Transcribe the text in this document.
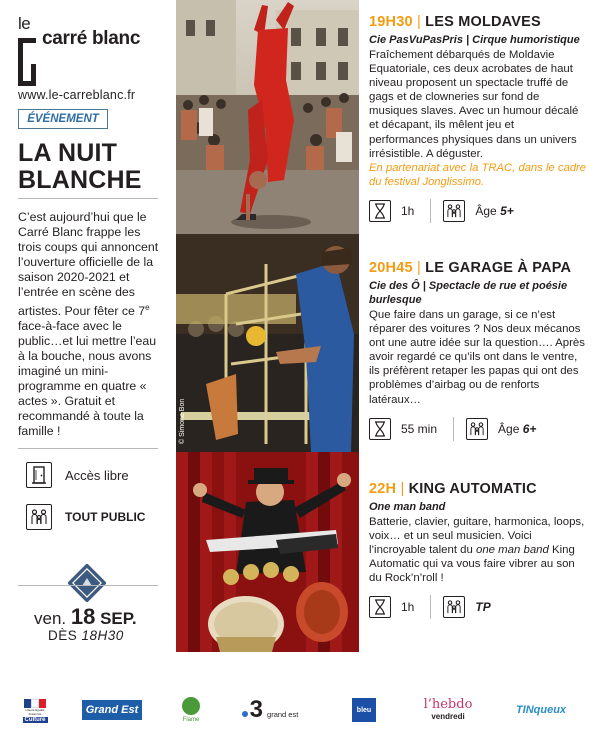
le
carré blanc
www.le-carreblanc.fr
ÉVÉNEMENT
LA NUIT
BLANCHE
C’est aujourd’hui que le Carré Blanc frappe les trois coups qui annoncent l’ouverture officielle de la saison 2020-2021 et l’entrée en scène des artistes. Pour fêter ce 7e face-à-face avec le public…et lui mettre l’eau à la bouche, nous avons imaginé un mini-programme en quatre « actes ». Gratuit et recommandé à toute la famille !
Accès libre
TOUT PUBLIC
ven. 18 SEP.
DÈS 18H30
© Simone Bon
19H30 | LES MOLDAVES
Cie PasVuPasPris | Cirque humoristique
Fraîchement débarqués de Moldavie Equatoriale, ces deux acrobates de haut niveau proposent un spectacle truffé de gags et de clowneries sur fond de musiques slaves. Avec un humour décalé et décapant, ils mêlent jeu et performances physiques dans un univers irrésistible. A déguster.
En partenariat avec la TRAC, dans le cadre du festival Jonglissimo.
1h	Âge 5+
20H45 | LE GARAGE À PAPA
Cie des Ô | Spectacle de rue et poésie burlesque
Que faire dans un garage, si ce n’est réparer des voitures ? Nos deux mécanos ont une autre idée sur la question…. Après avoir regardé ce qu’ils ont dans le ventre, ils préfèrent retaper les papas qui ont des problèmes d’airbag ou de renforts latéraux…
55 min	Âge 6+
22H | KING AUTOMATIC
One man band
Batterie, clavier, guitare, harmonica, loops, voix… et un seul musicien. Voici l’incroyable talent du one man band King Automatic qui va vous faire vibrer au son du Rock’n’roll !
1h	TP
Liberté Égalité Fraternité
Culture
Grand Est
Flame 3 grand est	bleu	l’hebdo
vendredi
TINqueux
